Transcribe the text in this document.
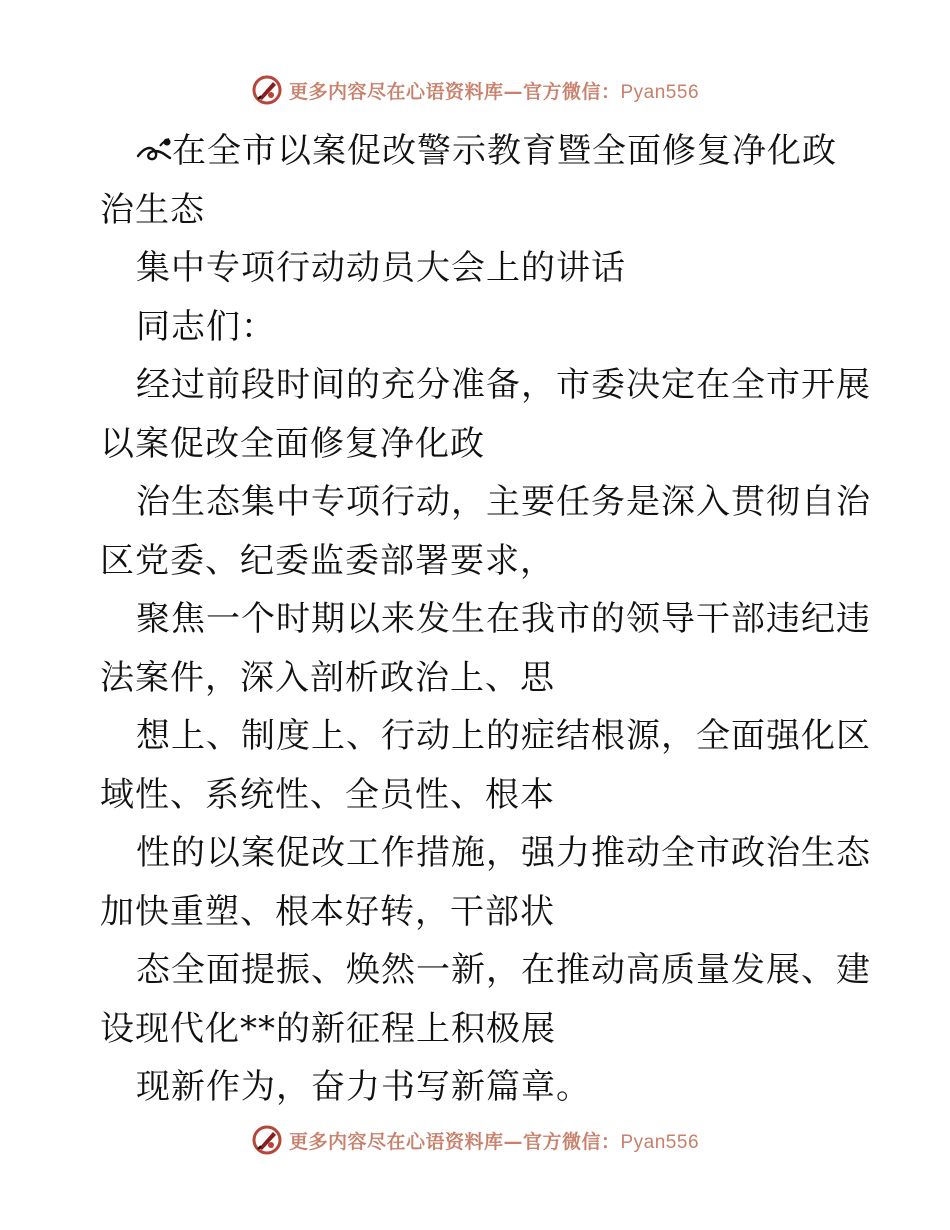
更多内容尽在心语资料库—官方微信：Pyan556
在全市以案促改警示教育暨全面修复净化政
治生态
集中专项行动动员大会上的讲话
同志们：
经过前段时间的充分准备，市委决定在全市开展
以案促改全面修复净化政
治生态集中专项行动，主要任务是深入贯彻自治
区党委、纪委监委部署要求，
聚焦一个时期以来发生在我市的领导干部违纪违
法案件，深入剖析政治上、思
想上、制度上、行动上的症结根源，全面强化区
域性、系统性、全员性、根本
性的以案促改工作措施，强力推动全市政治生态
加快重塑、根本好转，干部状
态全面提振、焕然一新，在推动高质量发展、建
设现代化**的新征程上积极展
现新作为，奋力书写新篇章。
更多内容尽在心语资料库—官方微信：Pyan556
